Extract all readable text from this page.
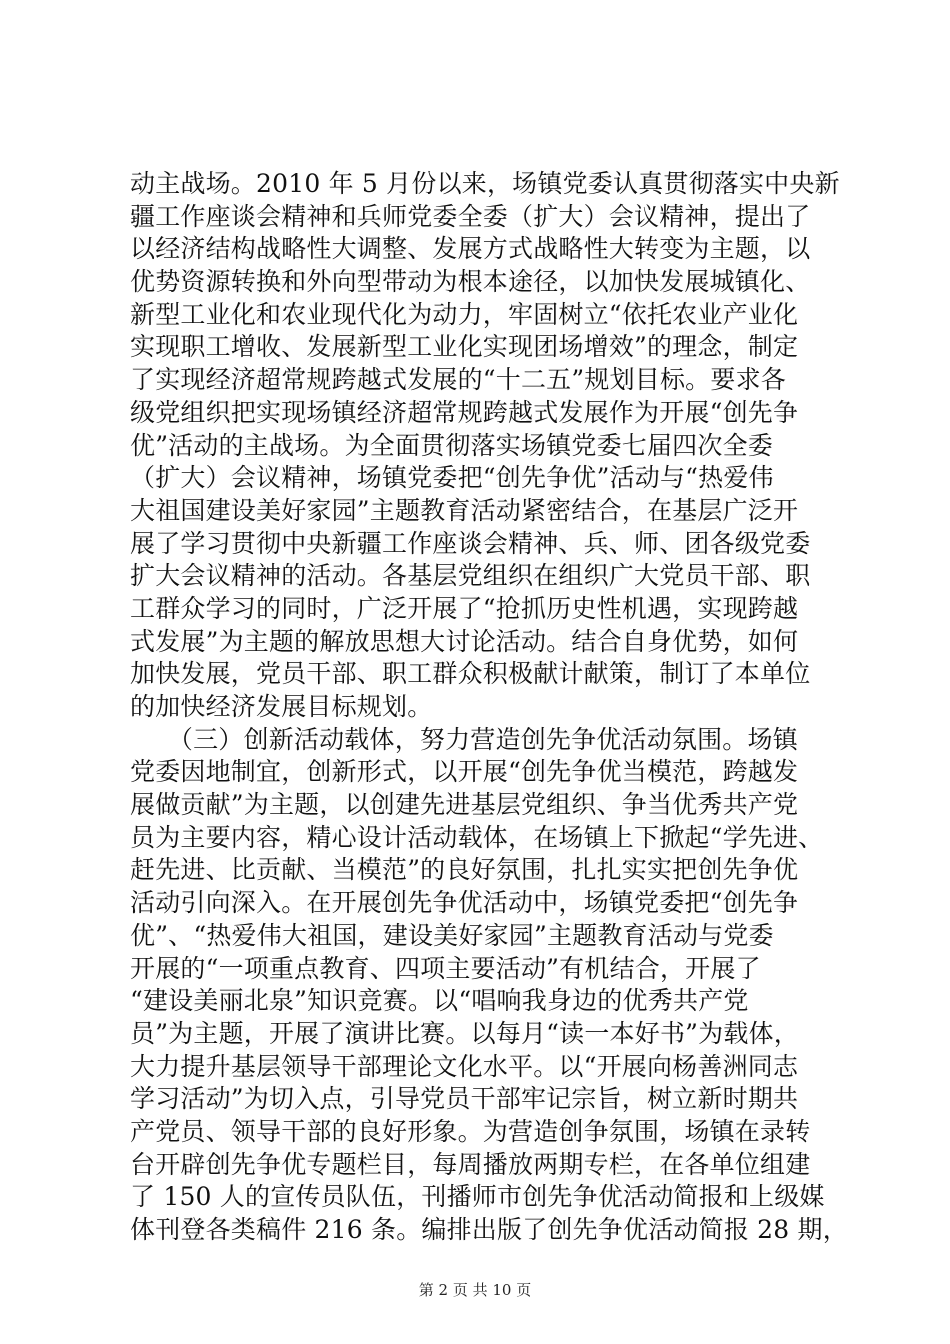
动主战场。2010 年 5 月份以来，场镇党委认真贯彻落实中央新
疆工作座谈会精神和兵师党委全委（扩大）会议精神，提出了
以经济结构战略性大调整、发展方式战略性大转变为主题，以
优势资源转换和外向型带动为根本途径，以加快发展城镇化、
新型工业化和农业现代化为动力，牢固树立“依托农业产业化
实现职工增收、发展新型工业化实现团场增效”的理念，制定
了实现经济超常规跨越式发展的“十二五”规划目标。要求各
级党组织把实现场镇经济超常规跨越式发展作为开展“创先争
优”活动的主战场。为全面贯彻落实场镇党委七届四次全委
（扩大）会议精神，场镇党委把“创先争优”活动与“热爱伟
大祖国建设美好家园”主题教育活动紧密结合，在基层广泛开
展了学习贯彻中央新疆工作座谈会精神、兵、师、团各级党委
扩大会议精神的活动。各基层党组织在组织广大党员干部、职
工群众学习的同时，广泛开展了“抢抓历史性机遇，实现跨越
式发展”为主题的解放思想大讨论活动。结合自身优势，如何
加快发展，党员干部、职工群众积极献计献策，制订了本单位
的加快经济发展目标规划。
　　（三）创新活动载体，努力营造创先争优活动氛围。场镇
党委因地制宜，创新形式，以开展“创先争优当模范，跨越发
展做贡献”为主题，以创建先进基层党组织、争当优秀共产党
员为主要内容，精心设计活动载体，在场镇上下掀起“学先进、
赶先进、比贡献、当模范”的良好氛围，扎扎实实把创先争优
活动引向深入。在开展创先争优活动中，场镇党委把“创先争
优”、“热爱伟大祖国，建设美好家园”主题教育活动与党委
开展的“一项重点教育、四项主要活动”有机结合，开展了
“建设美丽北泉”知识竞赛。以“唱响我身边的优秀共产党
员”为主题，开展了演讲比赛。以每月“读一本好书”为载体，
大力提升基层领导干部理论文化水平。以“开展向杨善洲同志
学习活动”为切入点，引导党员干部牢记宗旨，树立新时期共
产党员、领导干部的良好形象。为营造创争氛围，场镇在录转
台开辟创先争优专题栏目，每周播放两期专栏，在各单位组建
了 150 人的宣传员队伍，刊播师市创先争优活动简报和上级媒
体刊登各类稿件 216 条。编排出版了创先争优活动简报 28 期，
第 2 页 共 10 页
